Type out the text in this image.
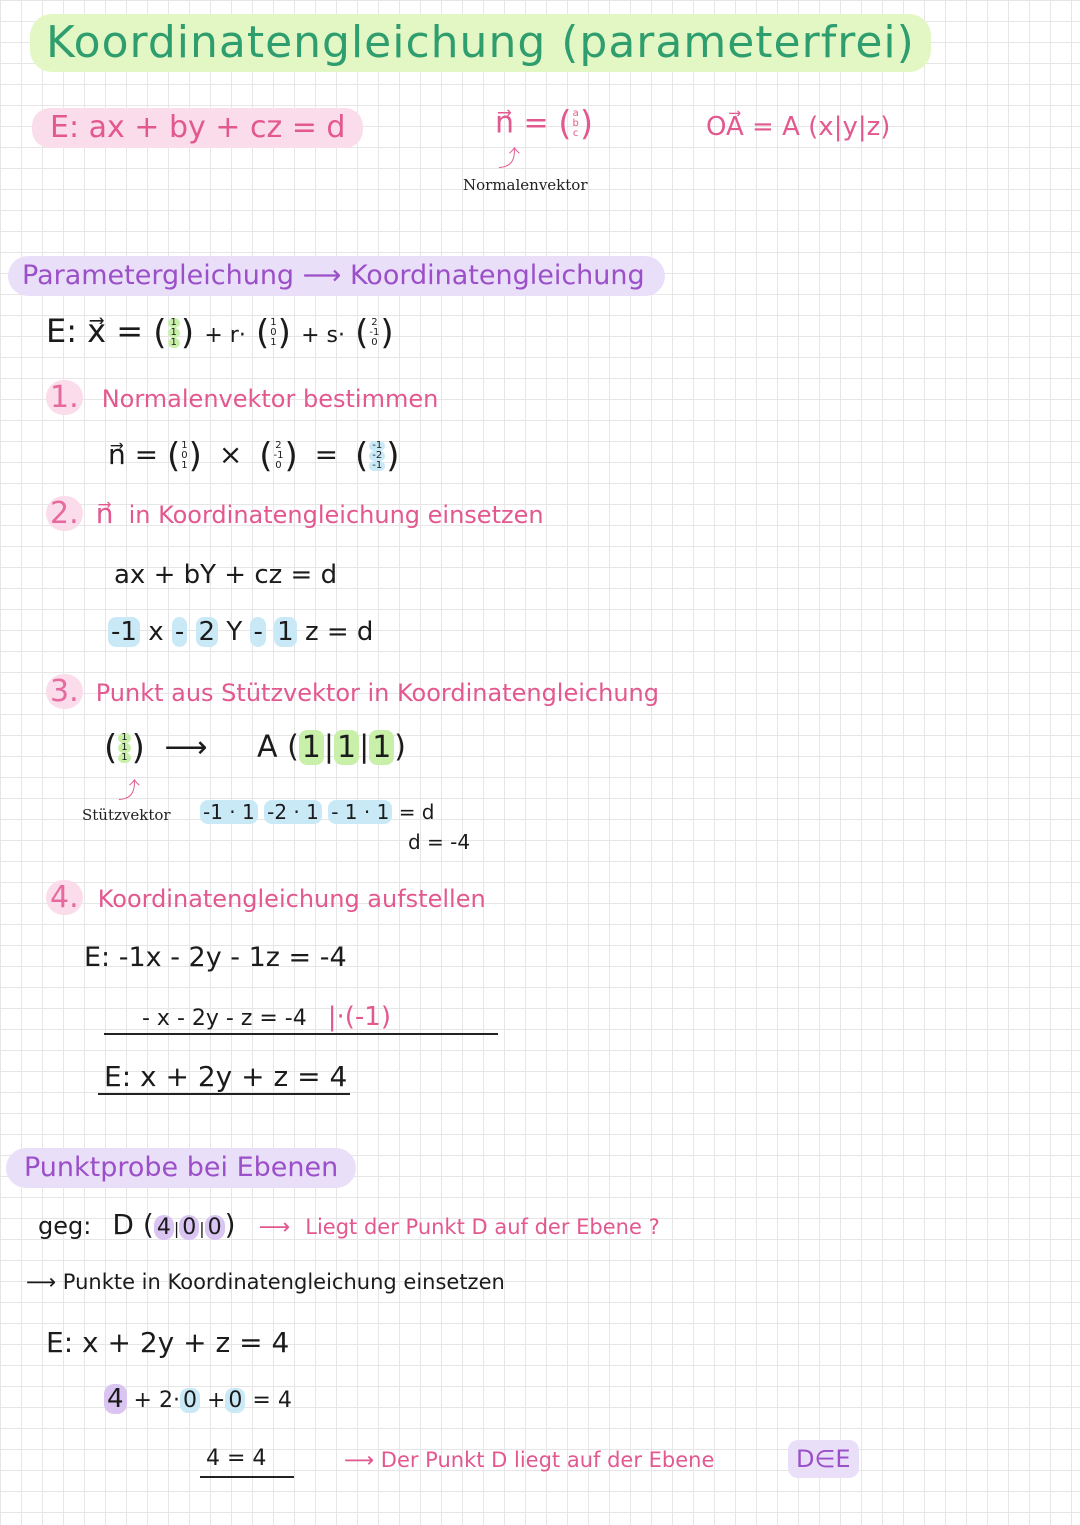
Koordinatengleichung (parameterfrei)
E: ax + by + cz = d	n⃗ = ( a
b
c )
⤴
Normalenvektor
OA⃗ = A (x|y|z)
Parametergleichung ⟶ Koordinatengleichung
E: x⃗ = ( 1
1
1 ) + r· ( 1
0
1 ) + s· ( 2
-1
0 )
1. Normalenvektor bestimmen
n⃗ = ( 1
0
1 ) × ( 2
-1
0 ) = ( -1
-2
-1 )
2. n⃗ in Koordinatengleichung einsetzen
ax + bY + cz = d
-1 x - 2 Y - 1 z = d
3. Punkt aus Stützvektor in Koordinatengleichung
( 1
1
1 ) ⟶ A ( 1 | 1 | 1 )
⤴
Stützvektor -1 · 1 -2 · 1 - 1 · 1 = d
d = -4
4. Koordinatengleichung aufstellen
E: -1x - 2y - 1z = -4
- x - 2y - z = -4 |·(-1)
E: x + 2y + z = 4
Punktprobe bei Ebenen
geg: D ( 4 | 0 | 0 ) ⟶ Liegt der Punkt D auf der Ebene ?
⟶ Punkte in Koordinatengleichung einsetzen
E: x + 2y + z = 4
4 + 2· 0 + 0 = 4
4 = 4	⟶ Der Punkt D liegt auf der Ebene	D∈E
